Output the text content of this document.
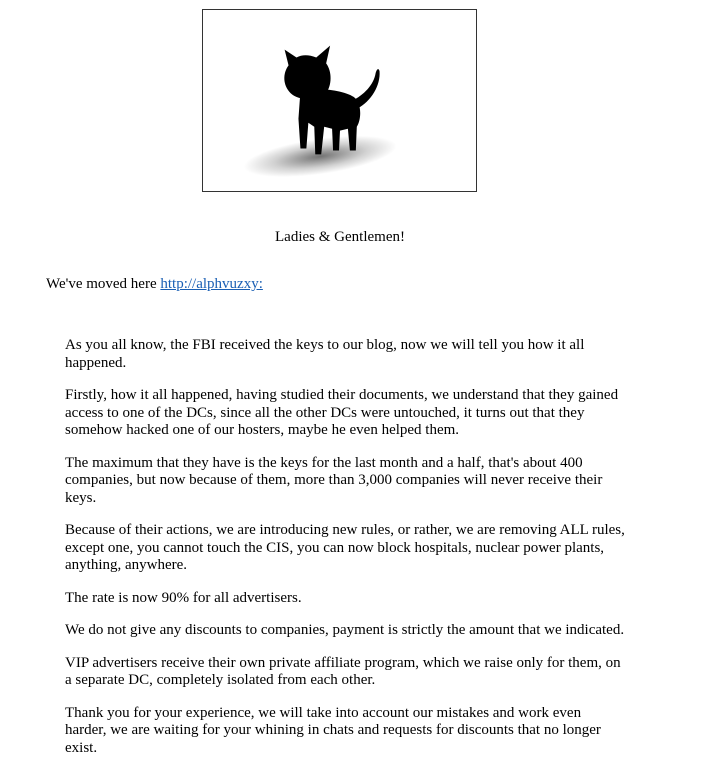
Ladies & Gentlemen!
We've moved here http://alphvuzxy:

As you all know, the FBI received the keys to our blog, now we will tell you how it all happened.

Firstly, how it all happened, having studied their documents, we understand that they gained access to one of the DCs, since all the other DCs were untouched, it turns out that they somehow hacked one of our hosters, maybe he even helped them.

The maximum that they have is the keys for the last month and a half, that's about 400 companies, but now because of them, more than 3,000 companies will never receive their keys.

Because of their actions, we are introducing new rules, or rather, we are removing ALL rules, except one, you cannot touch the CIS, you can now block hospitals, nuclear power plants, anything, anywhere.

The rate is now 90% for all advertisers.

We do not give any discounts to companies, payment is strictly the amount that we indicated.

VIP advertisers receive their own private affiliate program, which we raise only for them, on a separate DC, completely isolated from each other.

Thank you for your experience, we will take into account our mistakes and work even harder, we are waiting for your whining in chats and requests for discounts that no longer exist.
